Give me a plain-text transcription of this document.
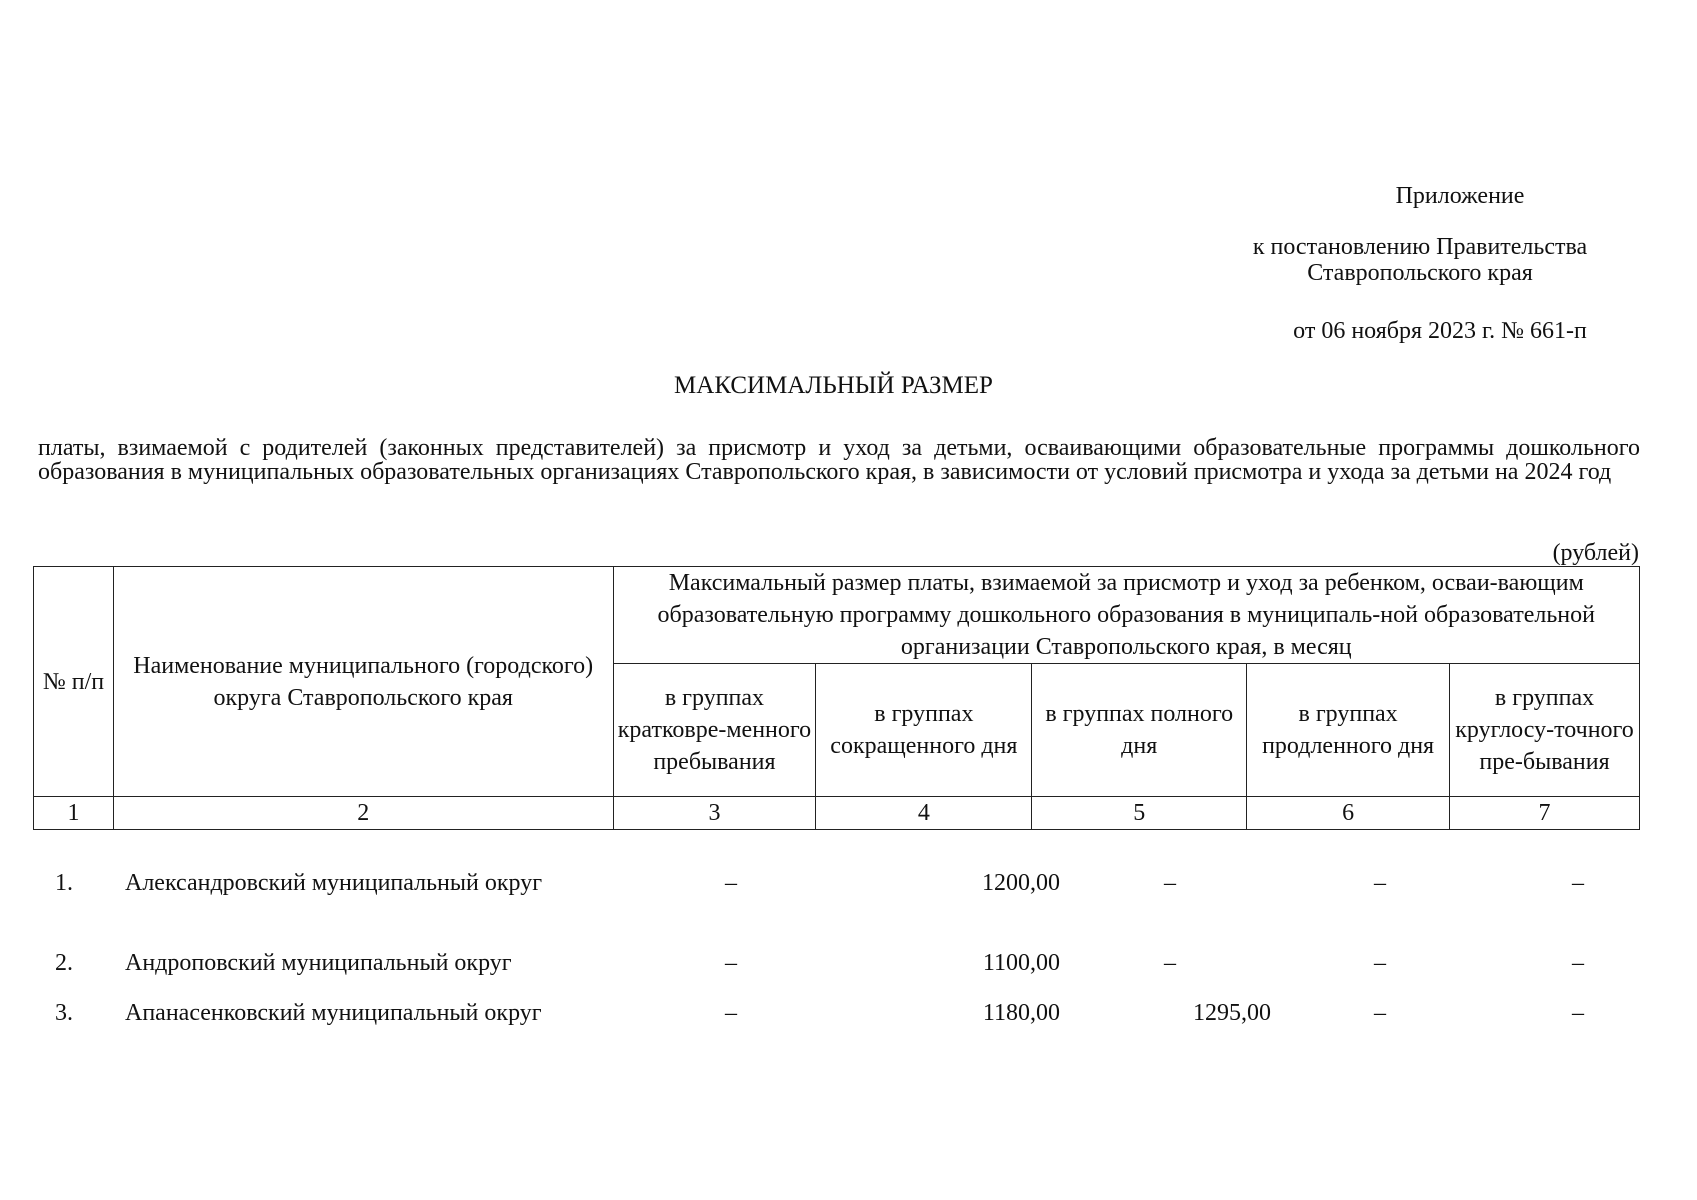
Приложение
к постановлению Правительства
Ставропольского края
от 06 ноября 2023 г. № 661-п
МАКСИМАЛЬНЫЙ РАЗМЕР
платы, взимаемой с родителей (законных представителей) за присмотр и уход за детьми, осваивающими образовательные программы дошкольного образования в муниципальных образовательных организациях Ставропольского края, в зависимости от условий присмотра и ухода за детьми на 2024 год
(рублей)
№ п/п	Наименование муниципального (городского) округа Ставропольского края	Максимальный размер платы, взимаемой за присмотр и уход за ребенком, осваи-вающим образовательную программу дошкольного образования в муниципаль-ной образовательной организации Ставропольского края, в месяц				
		в группах кратковре-менного пребывания	в группах сокращенного дня	в группах полного дня	в группах продленного дня	в группах круглосу-точного пре-бывания
1	2	3	4	5	6	7
1.	Александровский муниципальный округ	–	1200,00	–	–	–
2.	Андроповский муниципальный округ	–	1100,00	–	–	–
3.	Апанасенковский муниципальный округ	–	1180,00	1295,00	–	–
